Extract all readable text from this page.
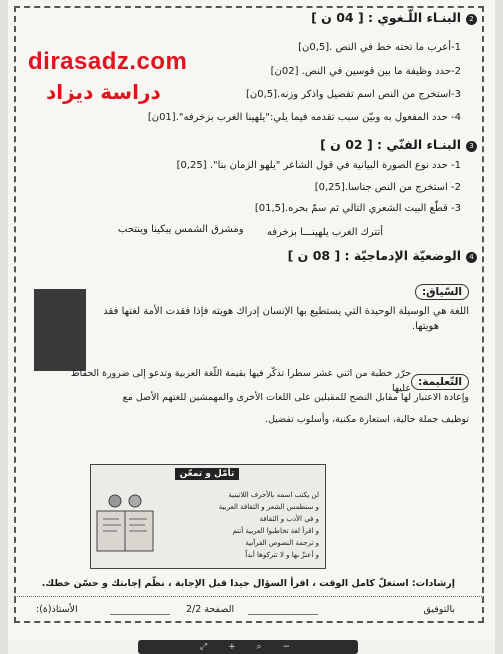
2
البنـاء اللّـغوي : [ 04 ن ]
1-أعرب ما تحته خط في النص .[0,5ن]
2-حدد وظيفة ما بين قوسين في النص. [02ن]
3-استخرج من النص اسم تفضيل واذكر وزنه.[0,5ن]
4- حدد المفعول به وبيّن سبب تقدمه فيما يلي:"يلهينا الغرب بزخرفه".[01ن]
dirasadz.com
دراسة ديزاد
3
البنـاء الفنّي : [ 02 ن ]
1- حدد نوع الصورة البيانية في قول الشاعر "يلهو الزمان بنا". [0,25]
2- استخرج من النص جناسا.[0,25]
3- قطّع البيت الشعري التالي ثم سمّ بحره.[01,5]
أتترك الغرب يلهينـــا بزخرفه
ومشرق الشمس يبكينا وينتحب
4
الوضعيّة الإدماجيّة : [ 08 ن ]
السّياق:
اللغة هي الوسيلة الوحيدة التي يستطيع بها الإنسان إدراك هويته فإذا فقدت الأمة لغتها فقد
هويتها.
التّعليمة:
حرّر خطبة من اثني عشر سطرا تذكّر فيها بقيمة اللّغة العربية وتدعو إلى ضرورة الحفاظ عليها
وإعادة الاعتبار لها مقابل النصح للمقبلين على اللغات الأخرى والمهمشين للغتهم الأصل مع
توظيف جملة حالية، استعارة مكنية، وأسلوب تفضيل.
تأمّل و تمعّن
لن يكتب اسمه بالأحرف اللاتينية
و ستطمس الشعر و الثقافة العربية
و في الأدب و الثقافة
و اقرأ لغة تخاطبوا العربية أنتم
و ترجمة النصوص القرآنية
و أعتزّ بها و لا تتركوها أبداً
إرشادات: استغلّ كامل الوقت ، اقرأ السؤال جيدا قبل الإجابة ، نظّم إجابتك و حسّن خطك.
بالتوفيق
الصفحة 2/2
الأستاذ(ة):
⤢ + ⌕ −
